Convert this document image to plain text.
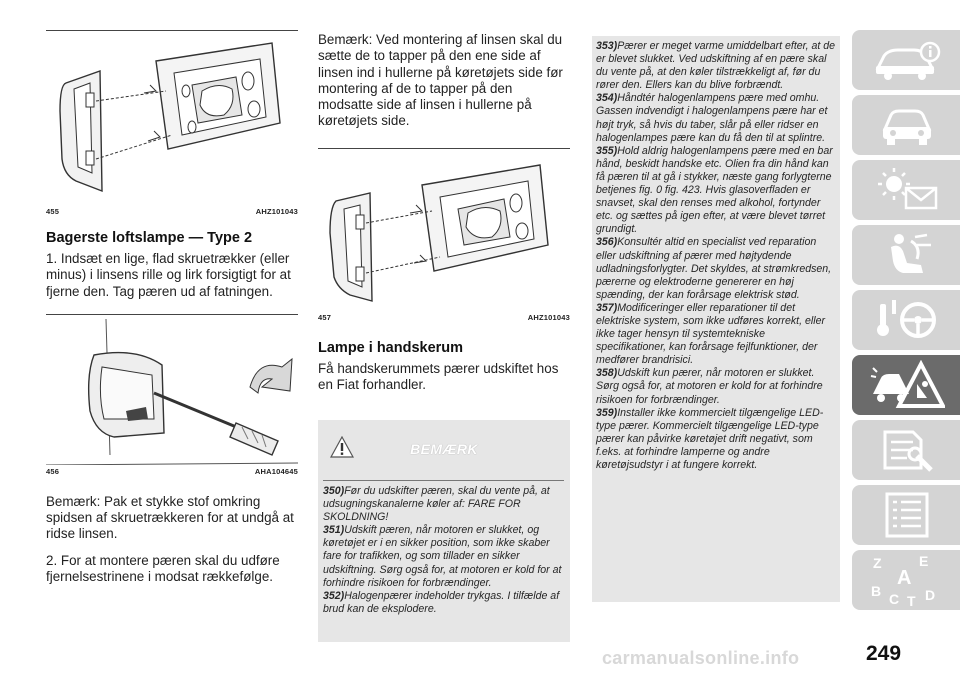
455	AHZ101043
Bagerste loftslampe — Type 2

1. Indsæt en lige, flad skruetrækker (eller minus) i linsens rille og lirk forsigtigt for at fjerne den. Tag pæren ud af fatningen.

456	AHA104645

Bemærk: Pak et stykke stof omkring spidsen af skruetrækkeren for at undgå at ridse linsen.

2. For at montere pæren skal du udføre fjernelsestrinene i modsat rækkefølge.

Bemærk: Ved montering af linsen skal du sætte de to tapper på den ene side af linsen ind i hullerne på køretøjets side før montering af de to tapper på den modsatte side af linsen i hullerne på køretøjets side.

457	AHZ101043
Lampe i handskerum

Få handskerummets pærer udskiftet hos en Fiat forhandler.

BEMÆRK
350)Før du udskifter pæren, skal du vente på, at udsugningskanalerne køler af: FARE FOR SKOLDNING!
351)Udskift pæren, når motoren er slukket, og køretøjet er i en sikker position, som ikke skaber fare for trafikken, og som tillader en sikker udskiftning. Sørg også for, at motoren er kold for at forhindre risikoen for forbrændinger.
352)Halogenpærer indeholder trykgas. I tilfælde af brud kan de eksplodere.
353)Pærer er meget varme umiddelbart efter, at de er blevet slukket. Ved udskiftning af en pære skal du vente på, at den køler tilstrækkeligt af, før du rører den. Ellers kan du blive forbrændt.
354)Håndtér halogenlampens pære med omhu. Gassen indvendigt i halogenlampens pære har et højt tryk, så hvis du taber, slår på eller ridser en halogenlampes pære kan du få den til at splintre.
355)Hold aldrig halogenlampens pære med en bar hånd, beskidt handske etc. Olien fra din hånd kan få pæren til at gå i stykker, næste gang forlygterne betjenes fig. 0 fig. 423. Hvis glasoverfladen er snavset, skal den renses med alkohol, fortynder etc. og sættes på igen efter, at være blevet tørret grundigt.
356)Konsultér altid en specialist ved reparation eller udskiftning af pærer med højtydende udladningsforlygter. Det skyldes, at strømkredsen, pærerne og elektroderne genererer en høj spænding, der kan forårsage elektrisk stød.
357)Modificeringer eller reparationer til det elektriske system, som ikke udføres korrekt, eller ikke tager hensyn til systemtekniske specifikationer, kan forårsage fejlfunktioner, der medfører brandrisici.
358)Udskift kun pærer, når motoren er slukket. Sørg også for, at motoren er kold for at forhindre risikoen for forbrændinger.
359)Installer ikke kommercielt tilgængelige LED-type pærer. Kommercielt tilgængelige LED-type pærer kan påvirke køretøjet drift negativt, som f.eks. at forhindre lamperne og andre køretøjsudstyr i at fungere korrekt.
Z	E
A
B C T D
carmanualsonline.info	249
